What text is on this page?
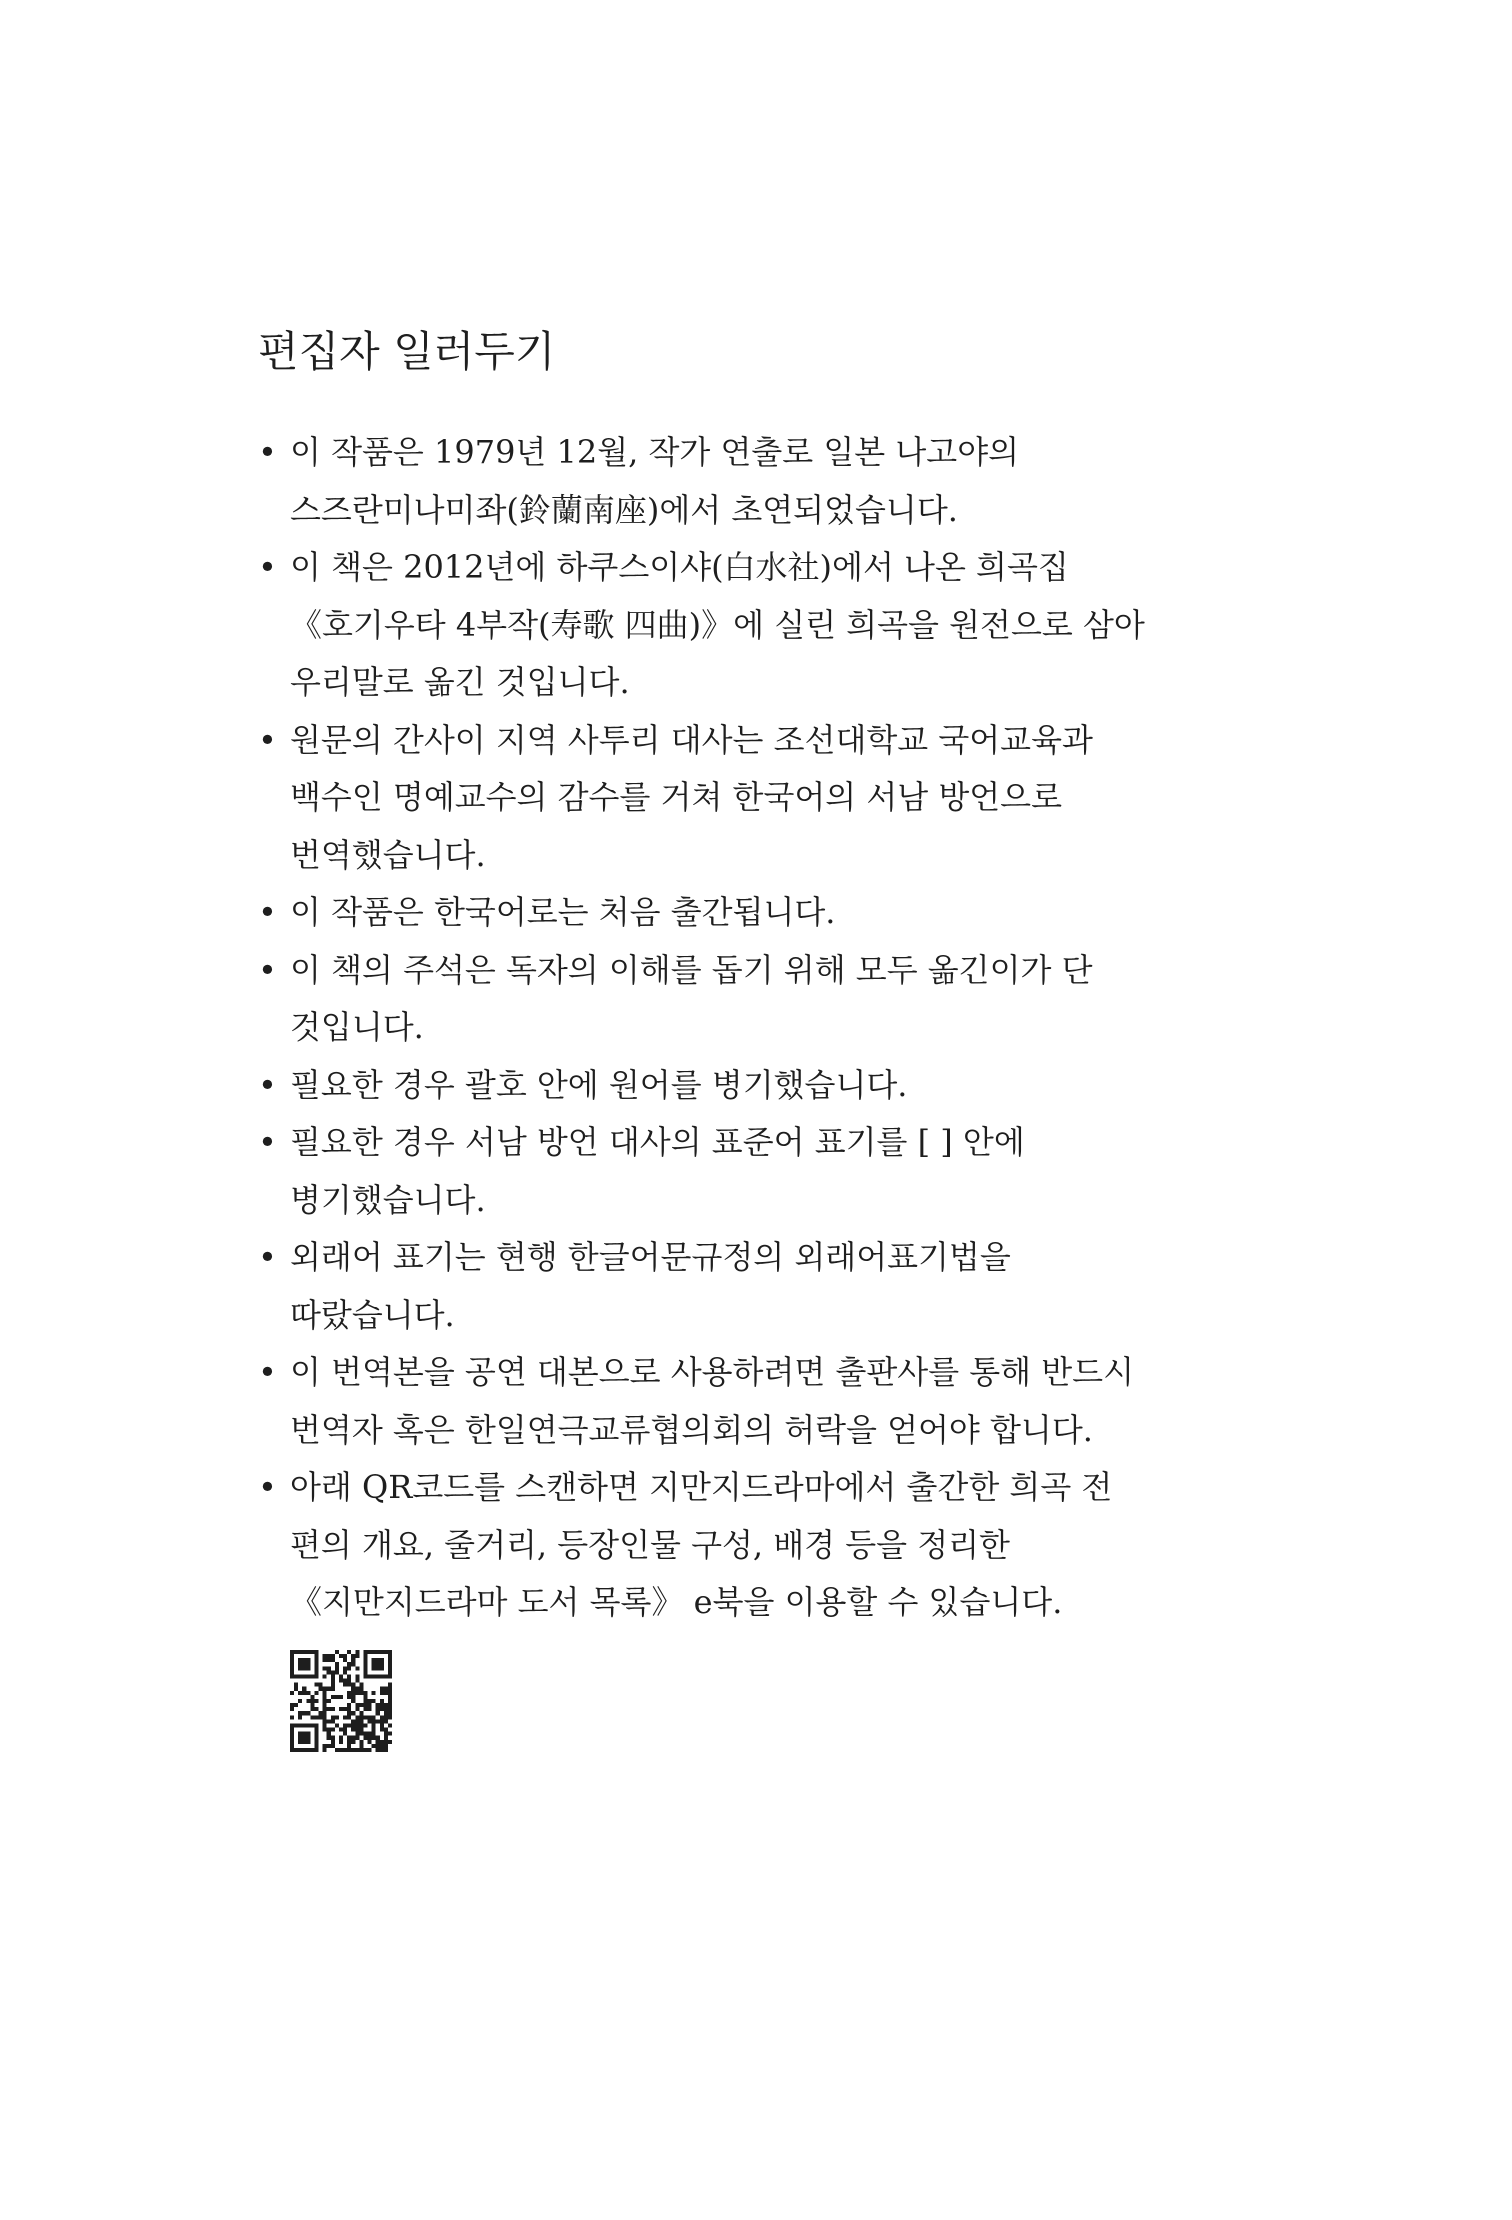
편집자 일러두기
• 이 작품은 1979년 12월, 작가 연출로 일본 나고야의
스즈란미나미좌(鈴蘭南座)에서 초연되었습니다.
• 이 책은 2012년에 하쿠스이샤(白水社)에서 나온 희곡집
《호기우타 4부작(寿歌 四曲)》에 실린 희곡을 원전으로 삼아
우리말로 옮긴 것입니다.
• 원문의 간사이 지역 사투리 대사는 조선대학교 국어교육과
백수인 명예교수의 감수를 거쳐 한국어의 서남 방언으로
번역했습니다.
• 이 작품은 한국어로는 처음 출간됩니다.
• 이 책의 주석은 독자의 이해를 돕기 위해 모두 옮긴이가 단
것입니다.
• 필요한 경우 괄호 안에 원어를 병기했습니다.
• 필요한 경우 서남 방언 대사의 표준어 표기를 [ ] 안에
병기했습니다.
• 외래어 표기는 현행 한글어문규정의 외래어표기법을
따랐습니다.
• 이 번역본을 공연 대본으로 사용하려면 출판사를 통해 반드시
번역자 혹은 한일연극교류협의회의 허락을 얻어야 합니다.
• 아래 QR코드를 스캔하면 지만지드라마에서 출간한 희곡 전
편의 개요, 줄거리, 등장인물 구성, 배경 등을 정리한
《지만지드라마 도서 목록》 e북을 이용할 수 있습니다.
